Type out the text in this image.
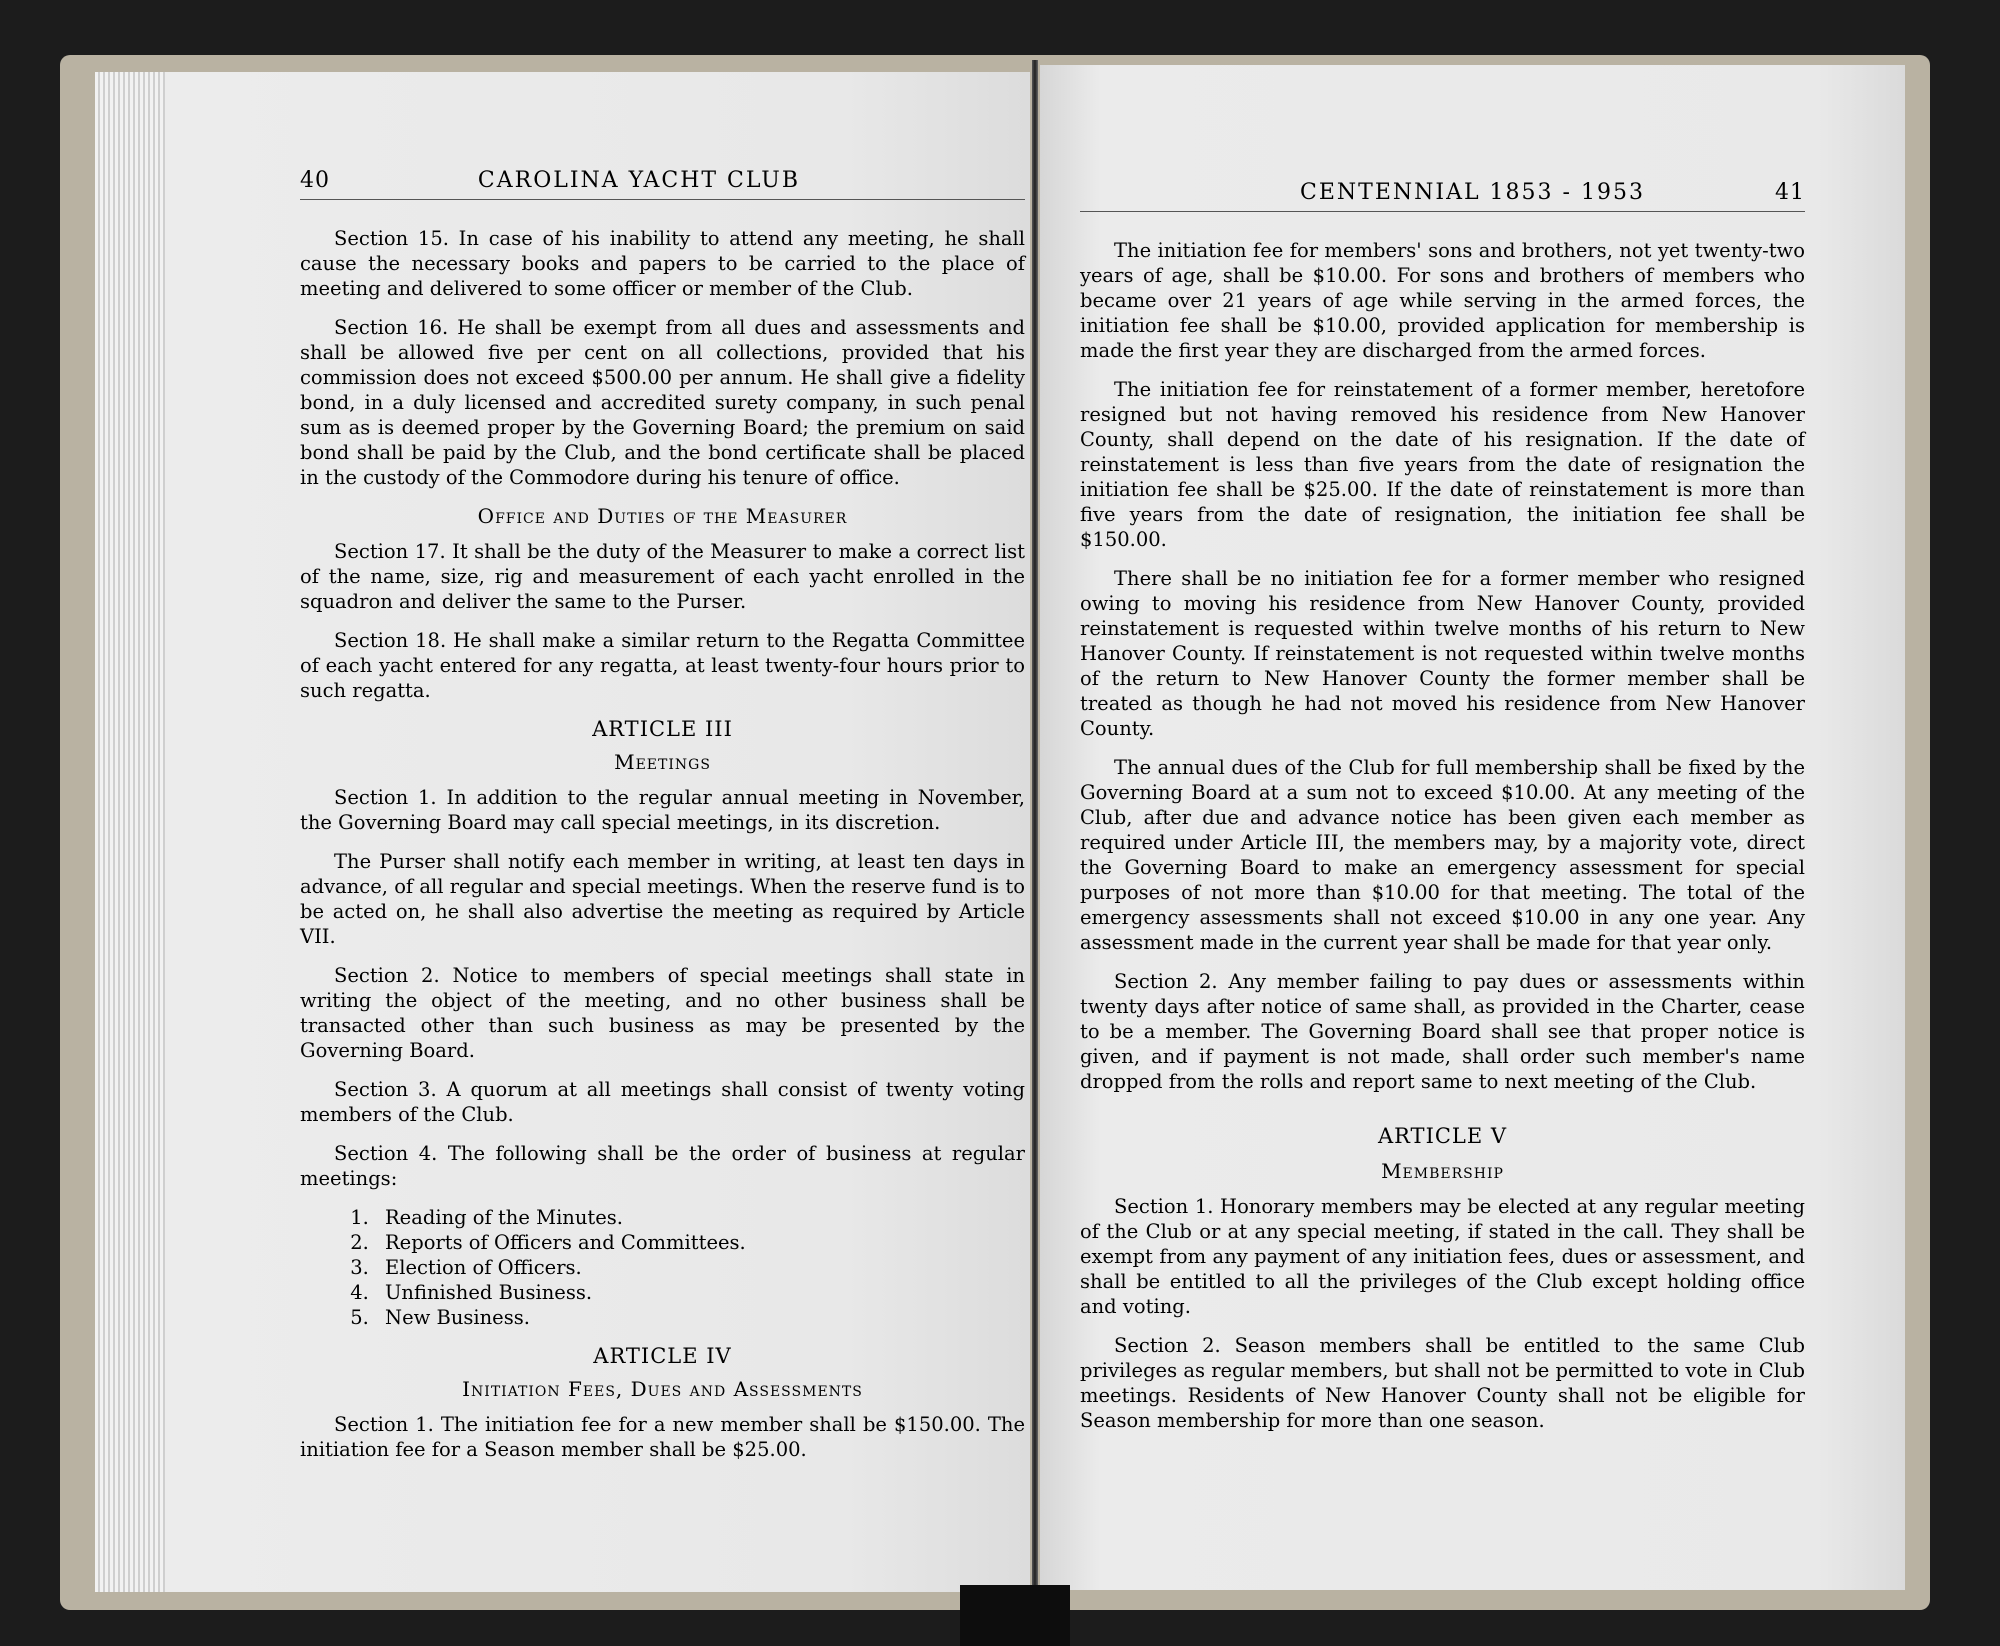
40	CAROLINA YACHT CLUB

Section 15. In case of his inability to attend any meeting, he shall cause the necessary books and papers to be carried to the place of meeting and delivered to some officer or member of the Club.

Section 16. He shall be exempt from all dues and assessments and shall be allowed five per cent on all collections, provided that his commission does not exceed $500.00 per annum. He shall give a fidelity bond, in a duly licensed and accredited surety company, in such penal sum as is deemed proper by the Governing Board; the premium on said bond shall be paid by the Club, and the bond certificate shall be placed in the custody of the Commodore during his tenure of office.

Office and Duties of the Measurer

Section 17. It shall be the duty of the Measurer to make a correct list of the name, size, rig and measurement of each yacht enrolled in the squadron and deliver the same to the Purser.

Section 18. He shall make a similar return to the Regatta Committee of each yacht entered for any regatta, at least twenty-four hours prior to such regatta.

ARTICLE III

Meetings

Section 1. In addition to the regular annual meeting in November, the Governing Board may call special meetings, in its discretion.

The Purser shall notify each member in writing, at least ten days in advance, of all regular and special meetings. When the reserve fund is to be acted on, he shall also advertise the meeting as required by Article VII.

Section 2. Notice to members of special meetings shall state in writing the object of the meeting, and no other business shall be transacted other than such business as may be presented by the Governing Board.

Section 3. A quorum at all meetings shall consist of twenty voting members of the Club.

Section 4. The following shall be the order of business at regular meetings:

1. Reading of the Minutes.
2. Reports of Officers and Committees.
3. Election of Officers.
4. Unfinished Business.
5. New Business.

ARTICLE IV

Initiation Fees, Dues and Assessments

Section 1. The initiation fee for a new member shall be $150.00. The initiation fee for a Season member shall be $25.00.

CENTENNIAL 1853 - 1953	41

The initiation fee for members' sons and brothers, not yet twenty-two years of age, shall be $10.00. For sons and brothers of members who became over 21 years of age while serving in the armed forces, the initiation fee shall be $10.00, provided application for membership is made the first year they are discharged from the armed forces.

The initiation fee for reinstatement of a former member, heretofore resigned but not having removed his residence from New Hanover County, shall depend on the date of his resignation. If the date of reinstatement is less than five years from the date of resignation the initiation fee shall be $25.00. If the date of reinstatement is more than five years from the date of resignation, the initiation fee shall be $150.00.

There shall be no initiation fee for a former member who resigned owing to moving his residence from New Hanover County, provided reinstatement is requested within twelve months of his return to New Hanover County. If reinstatement is not requested within twelve months of the return to New Hanover County the former member shall be treated as though he had not moved his residence from New Hanover County.

The annual dues of the Club for full membership shall be fixed by the Governing Board at a sum not to exceed $10.00. At any meeting of the Club, after due and advance notice has been given each member as required under Article III, the members may, by a majority vote, direct the Governing Board to make an emergency assessment for special purposes of not more than $10.00 for that meeting. The total of the emergency assessments shall not exceed $10.00 in any one year. Any assessment made in the current year shall be made for that year only.

Section 2. Any member failing to pay dues or assessments within twenty days after notice of same shall, as provided in the Charter, cease to be a member. The Governing Board shall see that proper notice is given, and if payment is not made, shall order such member's name dropped from the rolls and report same to next meeting of the Club.

ARTICLE V

Membership

Section 1. Honorary members may be elected at any regular meeting of the Club or at any special meeting, if stated in the call. They shall be exempt from any payment of any initiation fees, dues or assessment, and shall be entitled to all the privileges of the Club except holding office and voting.

Section 2. Season members shall be entitled to the same Club privileges as regular members, but shall not be permitted to vote in Club meetings. Residents of New Hanover County shall not be eligible for Season membership for more than one season.
